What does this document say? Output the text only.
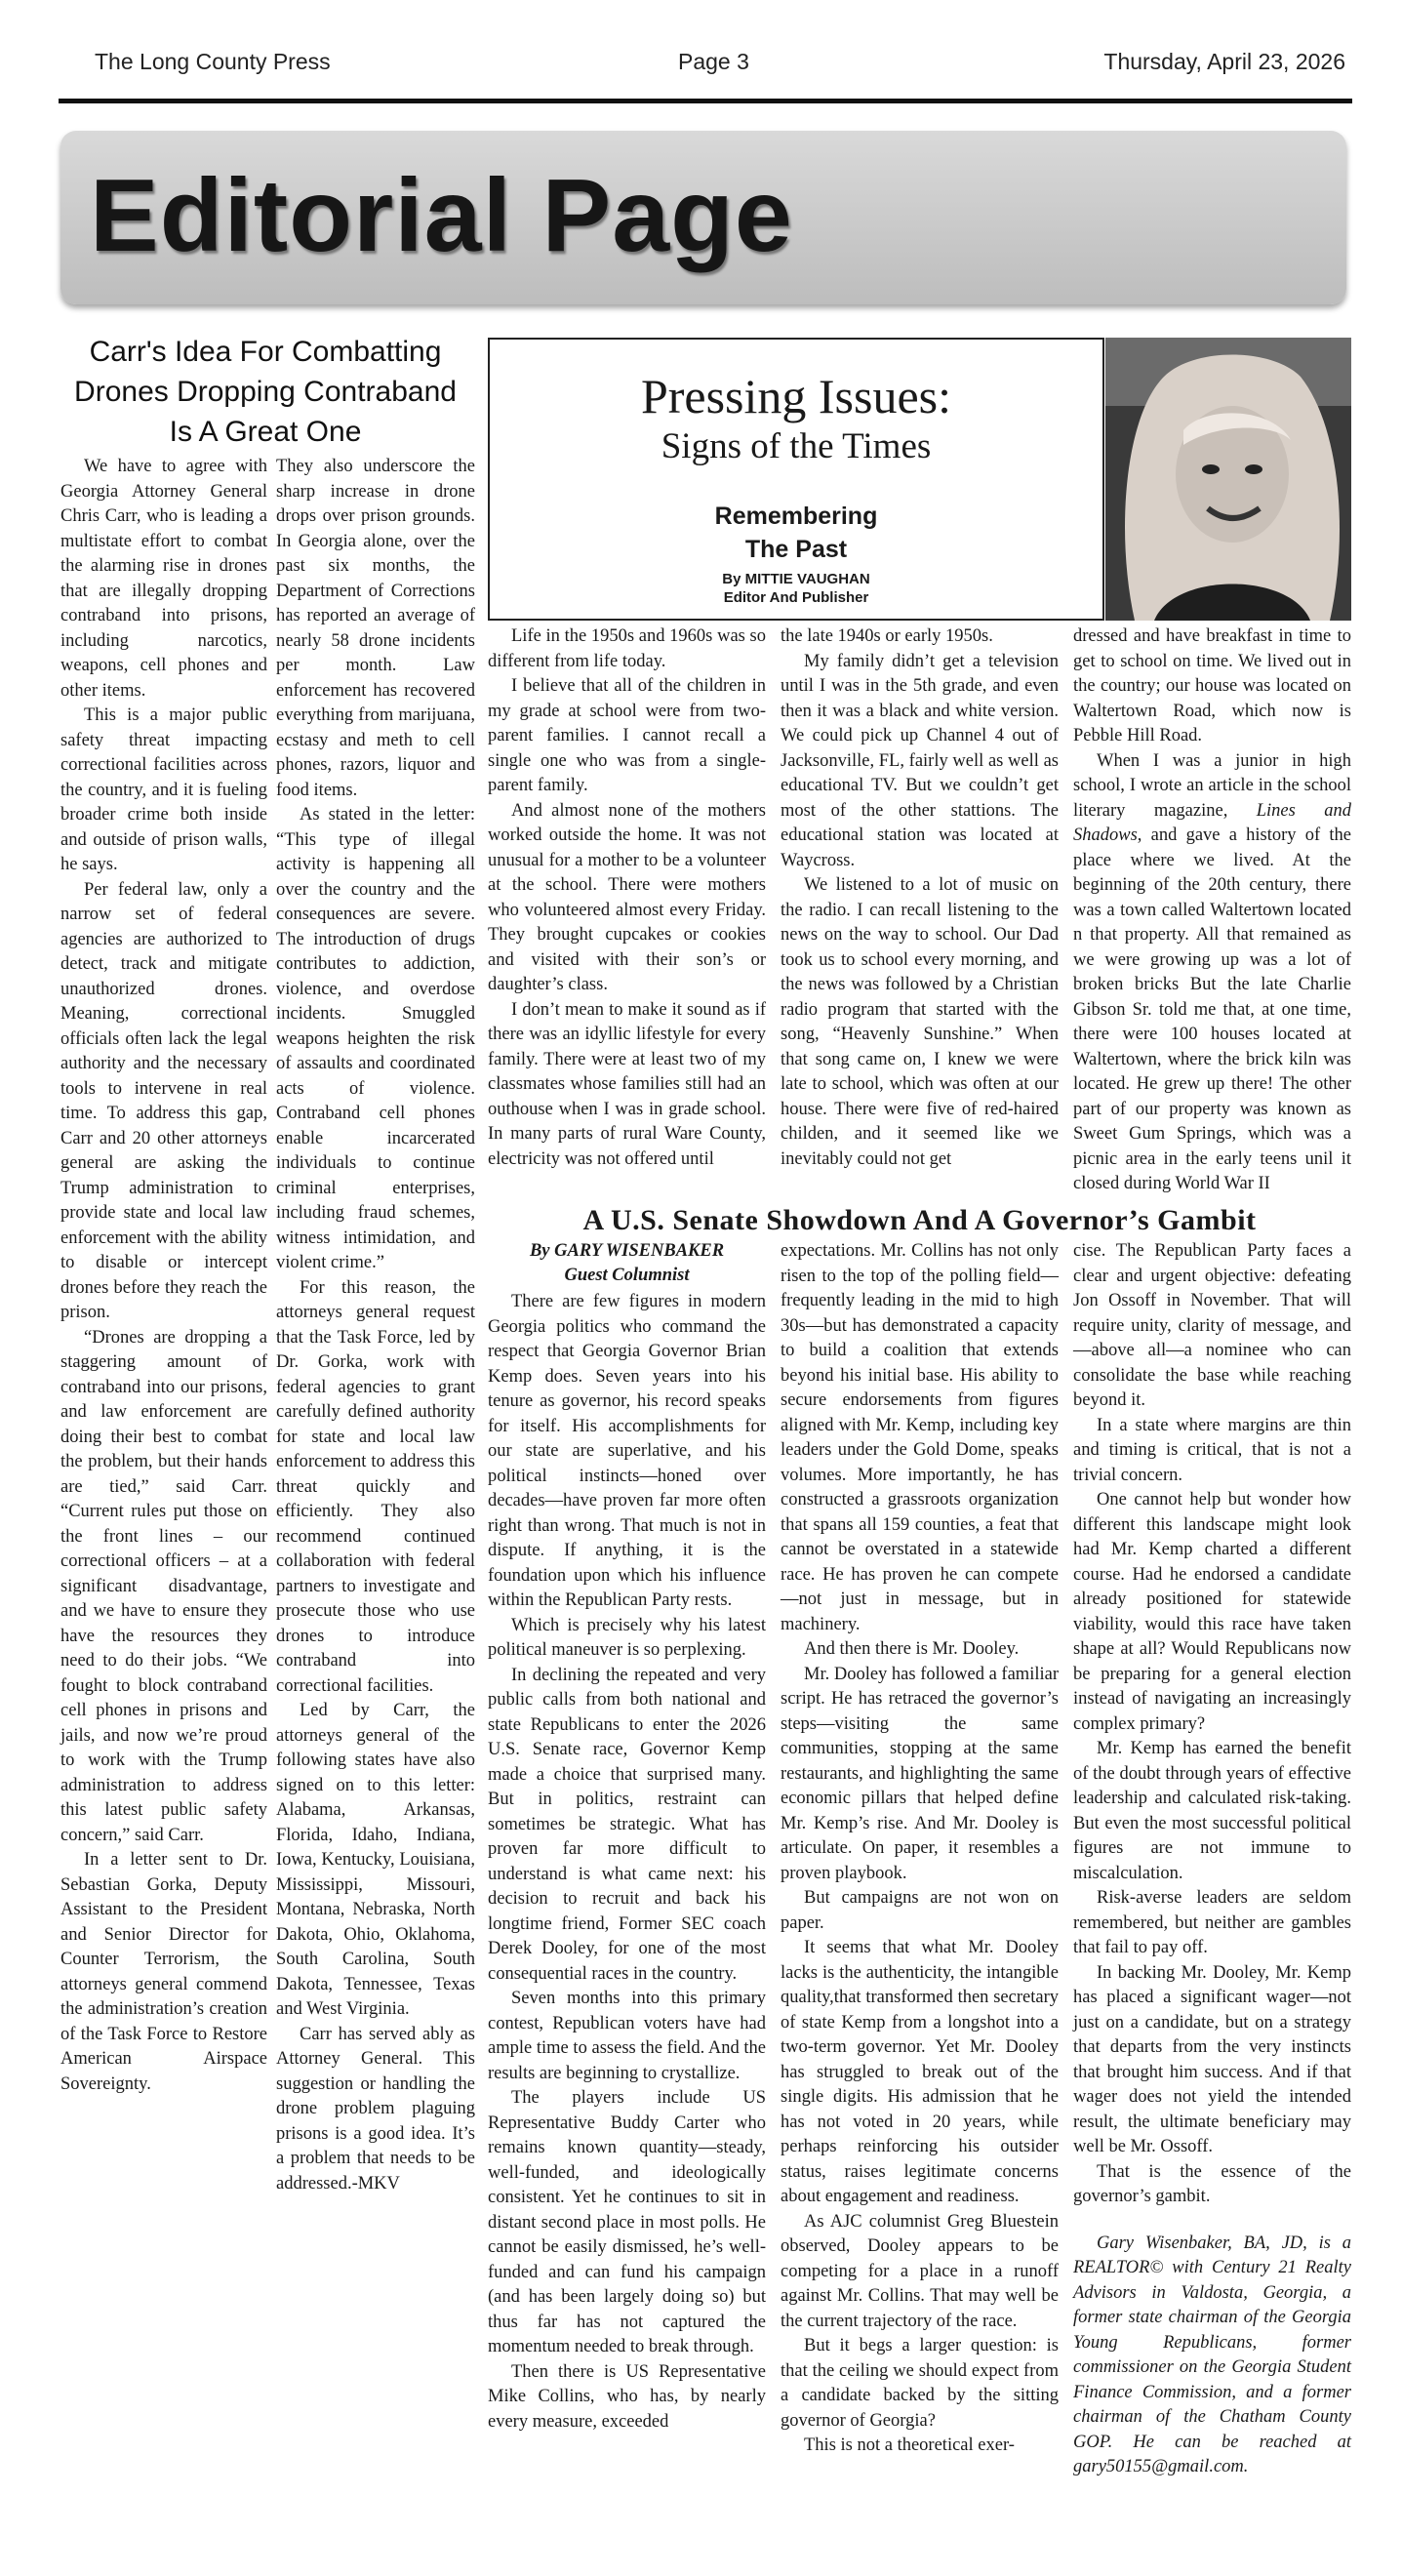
The Long County Press	Page 3	Thursday, April 23, 2026
Editorial Page
Carr's Idea For Combatting Drones Dropping Contraband Is A Great One

We have to agree with Georgia Attorney General Chris Carr, who is leading a multistate effort to combat the alarming rise in drones that are illegally dropping contraband into prisons, including narcotics, weapons, cell phones and other items.

This is a major public safety threat impacting correctional facilities across the country, and it is fueling broader crime both inside and outside of prison walls, he says.

Per federal law, only a narrow set of federal agencies are authorized to detect, track and mitigate unauthorized drones. Meaning, correctional officials often lack the legal authority and the necessary tools to intervene in real time. To address this gap, Carr and 20 other attorneys general are asking the Trump administration to provide state and local law enforcement with the ability to disable or intercept drones before they reach the prison.

“Drones are dropping a staggering amount of contraband into our prisons, and law enforcement are doing their best to combat the problem, but their hands are tied,” said Carr. “Current rules put those on the front lines – our correctional officers – at a significant disadvantage, and we have to ensure they have the resources they need to do their jobs. “We fought to block contraband cell phones in prisons and jails, and now we’re proud to work with the Trump administration to address this latest public safety concern,” said Carr.

In a letter sent to Dr. Sebastian Gorka, Deputy Assistant to the President and Senior Director for Counter Terrorism, the attorneys general commend the administration’s creation of the Task Force to Restore American Airspace Sovereignty.

They also underscore the sharp increase in drone drops over prison grounds. In Georgia alone, over the past six months, the Department of Corrections has reported an average of nearly 58 drone incidents per month. Law enforcement has recovered everything from marijuana, ecstasy and meth to cell phones, razors, liquor and food items.

As stated in the letter: “This type of illegal activity is happening all over the country and the consequences are severe. The introduction of drugs contributes to addiction, violence, and overdose incidents. Smuggled weapons heighten the risk of assaults and coordinated acts of violence. Contraband cell phones enable incarcerated individuals to continue criminal enterprises, including fraud schemes, witness intimidation, and violent crime.”

For this reason, the attorneys general request that the Task Force, led by Dr. Gorka, work with federal agencies to grant carefully defined authority for state and local law enforcement to address this threat quickly and efficiently. They also recommend continued collaboration with federal partners to investigate and prosecute those who use drones to introduce contraband into correctional facilities.

Led by Carr, the attorneys general of the following states have also signed on to this letter: Alabama, Arkansas, Florida, Idaho, Indiana, Iowa, Kentucky, Louisiana, Mississippi, Missouri, Montana, Nebraska, North Dakota, Ohio, Oklahoma, South Carolina, South Dakota, Tennessee, Texas and West Virginia.

Carr has served ably as Attorney General. This suggestion or handling the drone problem plaguing prisons is a good idea. It’s a problem that needs to be addressed.-MKV

Pressing Issues:
Signs of the Times
Remembering
The Past
By MITTIE VAUGHAN
Editor And Publisher

Life in the 1950s and 1960s was so different from life today.

I believe that all of the children in my grade at school were from two-parent families. I cannot recall a single one who was from a single-parent family.

And almost none of the mothers worked outside the home. It was not unusual for a mother to be a volunteer at the school. There were mothers who volunteered almost every Friday. They brought cupcakes or cookies and visited with their son’s or daughter’s class.

I don’t mean to make it sound as if there was an idyllic lifestyle for every family. There were at least two of my classmates whose families still had an outhouse when I was in grade school. In many parts of rural Ware County, electricity was not offered until

the late 1940s or early 1950s.

My family didn’t get a television until I was in the 5th grade, and even then it was a black and white version. We could pick up Channel 4 out of Jacksonville, FL, fairly well as well as educational TV. But we couldn’t get most of the other stattions. The educational station was located at Waycross.

We listened to a lot of music on the radio. I can recall listening to the news on the way to school. Our Dad took us to school every morning, and the news was followed by a Christian radio program that started with the song, “Heavenly Sunshine.” When that song came on, I knew we were late to school, which was often at our house. There were five of red-haired childen, and it seemed like we inevitably could not get

dressed and have breakfast in time to get to school on time. We lived out in the country; our house was located on Waltertown Road, which now is Pebble Hill Road.

When I was a junior in high school, I wrote an article in the school literary magazine, Lines and Shadows, and gave a history of the place where we lived. At the beginning of the 20th century, there was a town called Waltertown located n that property. All that remained as we were growing up was a lot of broken bricks But the late Charlie Gibson Sr. told me that, at one time, there were 100 houses located at Waltertown, where the brick kiln was located. He grew up there! The other part of our property was known as Sweet Gum Springs, which was a picnic area in the early teens unil it closed during World War II

A U.S. Senate Showdown And A Governor’s Gambit
By GARY WISENBAKER
Guest Columnist

There are few figures in modern Georgia politics who command the respect that Georgia Governor Brian Kemp does. Seven years into his tenure as governor, his record speaks for itself. His accomplishments for our state are superlative, and his political instincts—honed over decades—have proven far more often right than wrong. That much is not in dispute. If anything, it is the foundation upon which his influence within the Republican Party rests.

Which is precisely why his latest political maneuver is so perplexing.

In declining the repeated and very public calls from both national and state Republicans to enter the 2026 U.S. Senate race, Governor Kemp made a choice that surprised many. But in politics, restraint can sometimes be strategic. What has proven far more difficult to understand is what came next: his decision to recruit and back his longtime friend, Former SEC coach Derek Dooley, for one of the most consequential races in the country.

Seven months into this primary contest, Republican voters have had ample time to assess the field. And the results are beginning to crystallize.

The players include US Representative Buddy Carter who remains known quantity—steady, well-funded, and ideologically consistent. Yet he continues to sit in distant second place in most polls. He cannot be easily dismissed, he’s well-funded and can fund his campaign (and has been largely doing so) but thus far has not captured the momentum needed to break through.

Then there is US Representative Mike Collins, who has, by nearly every measure, exceeded

expectations. Mr. Collins has not only risen to the top of the polling field—frequently leading in the mid to high 30s—but has demonstrated a capacity to build a coalition that extends beyond his initial base. His ability to secure endorsements from figures aligned with Mr. Kemp, including key leaders under the Gold Dome, speaks volumes. More importantly, he has constructed a grassroots organization that spans all 159 counties, a feat that cannot be overstated in a statewide race. He has proven he can compete—not just in message, but in machinery.

And then there is Mr. Dooley.

Mr. Dooley has followed a familiar script. He has retraced the governor’s steps—visiting the same communities, stopping at the same restaurants, and highlighting the same economic pillars that helped define Mr. Kemp’s rise. And Mr. Dooley is articulate. On paper, it resembles a proven playbook.

But campaigns are not won on paper.

It seems that what Mr. Dooley lacks is the authenticity, the intangible quality,that transformed then secretary of state Kemp from a longshot into a two-term governor. Yet Mr. Dooley has struggled to break out of the single digits. His admission that he has not voted in 20 years, while perhaps reinforcing his outsider status, raises legitimate concerns about engagement and readiness.

As AJC columnist Greg Bluestein observed, Dooley appears to be competing for a place in a runoff against Mr. Collins. That may well be the current trajectory of the race.

But it begs a larger question: is that the ceiling we should expect from a candidate backed by the sitting governor of Georgia?

This is not a theoretical exer-

cise. The Republican Party faces a clear and urgent objective: defeating Jon Ossoff in November. That will require unity, clarity of message, and—above all—a nominee who can consolidate the base while reaching beyond it.

In a state where margins are thin and timing is critical, that is not a trivial concern.

One cannot help but wonder how different this landscape might look had Mr. Kemp charted a different course. Had he endorsed a candidate already positioned for statewide viability, would this race have taken shape at all? Would Republicans now be preparing for a general election instead of navigating an increasingly complex primary?

Mr. Kemp has earned the benefit of the doubt through years of effective leadership and calculated risk-taking. But even the most successful political figures are not immune to miscalculation.

Risk-averse leaders are seldom remembered, but neither are gambles that fail to pay off.

In backing Mr. Dooley, Mr. Kemp has placed a significant wager—not just on a candidate, but on a strategy that departs from the very instincts that brought him success. And if that wager does not yield the intended result, the ultimate beneficiary may well be Mr. Ossoff.

That is the essence of the governor’s gambit.

Gary Wisenbaker, BA, JD, is a REALTOR© with Century 21 Realty Advisors in Valdosta, Georgia, a former state chairman of the Georgia Young Republicans, former commissioner on the Georgia Student Finance Commission, and a former chairman of the Chatham County GOP. He can be reached at gary50155@gmail.com.
